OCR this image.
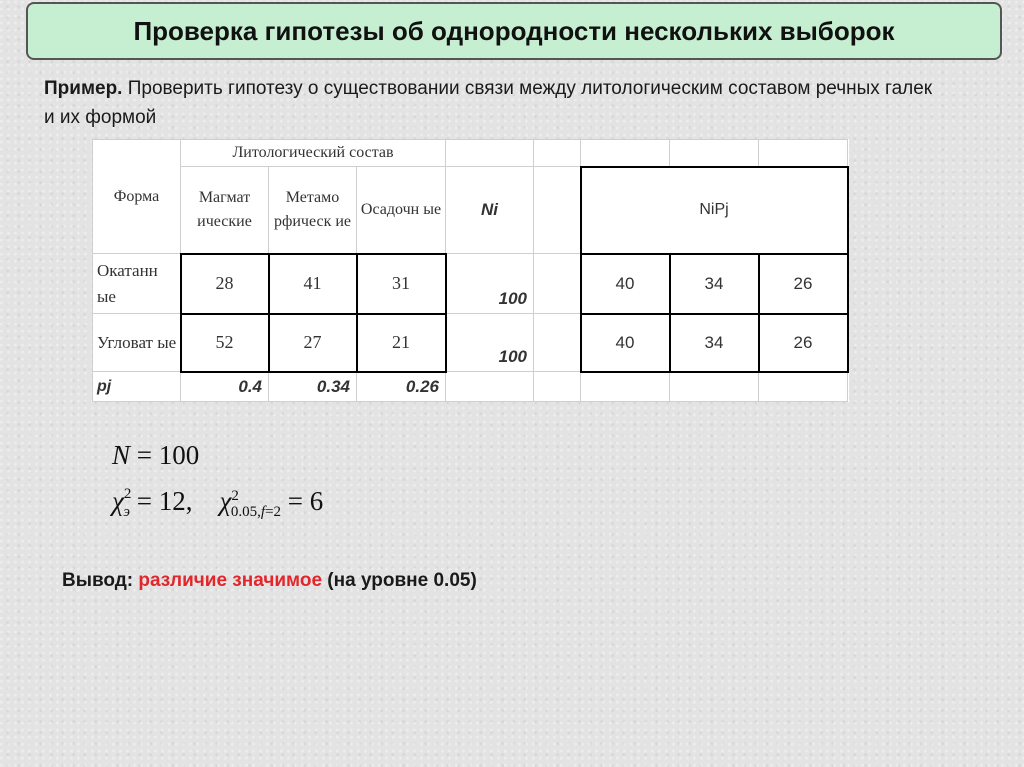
Проверка гипотезы об однородности нескольких выборок
Пример. Проверить гипотезу о существовании связи между литологическим составом речных галек и их формой
Форма	Литологический состав							
	Магмат ические	Метамо рфическ ие	Осадочн ые	Ni		NiPj		
Окатанн ые	28	41	31	100		40	34	26
Угловат ые	52	27	21	100		40	34	26
pj	0.4	0.34	0.26					
N = 100
$\chi^2_э = 12$, $\chi^2_{0.05,f=2} = 6$
Вывод: различие значимое (на уровне 0.05)
